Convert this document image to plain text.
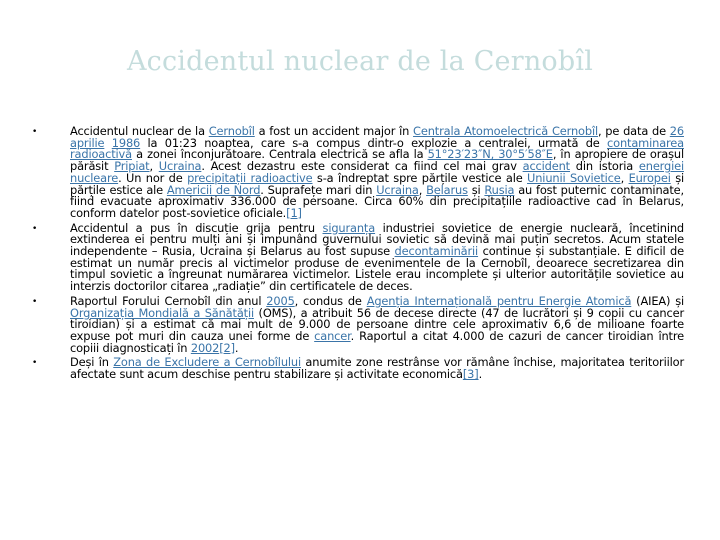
Accidentul nuclear de la Cernobîl
•	Accidentul nuclear de la Cernobîl a fost un accident major în Centrala Atomoelectrică Cernobîl, pe data de 26 aprilie 1986 la 01:23 noaptea, care s-a compus dintr-o explozie a centralei, urmată de contaminarea radioactivă a zonei înconjurătoare. Centrala electrică se afla la 51°23′23″N, 30°5′58″E, în apropiere de orașul părăsit Pripiat, Ucraina. Acest dezastru este considerat ca fiind cel mai grav accident din istoria energiei nucleare. Un nor de precipitații radioactive s-a îndreptat spre părțile vestice ale Uniunii Sovietice, Europei și părțile estice ale Americii de Nord. Suprafețe mari din Ucraina, Belarus și Rusia au fost puternic contaminate, fiind evacuate aproximativ 336.000 de persoane. Circa 60% din precipitațiile radioactive cad în Belarus, conform datelor post-sovietice oficiale.[1]
•	Accidentul a pus în discuție grija pentru siguranța industriei sovietice de energie nucleară, încetinind extinderea ei pentru mulți ani și impunând guvernului sovietic să devină mai puțin secretos. Acum statele independente – Rusia, Ucraina și Belarus au fost supuse decontaminării continue și substanțiale. E dificil de estimat un număr precis al victimelor produse de evenimentele de la Cernobîl, deoarece secretizarea din timpul sovietic a îngreunat numărarea victimelor. Listele erau incomplete și ulterior autoritățile sovietice au interzis doctorilor citarea „radiație” din certificatele de deces.
•	Raportul Forului Cernobîl din anul 2005, condus de Agenția Internațională pentru Energie Atomică (AIEA) și Organizația Mondială a Sănătății (OMS), a atribuit 56 de decese directe (47 de lucrători și 9 copii cu cancer tiroidian) și a estimat că mai mult de 9.000 de persoane dintre cele aproximativ 6,6 de milioane foarte expuse pot muri din cauza unei forme de cancer. Raportul a citat 4.000 de cazuri de cancer tiroidian între copiii diagnosticați în 2002[2].
•	Deși în Zona de Excludere a Cernobîlului anumite zone restrânse vor rămâne închise, majoritatea teritoriilor afectate sunt acum deschise pentru stabilizare și activitate economică[3].
